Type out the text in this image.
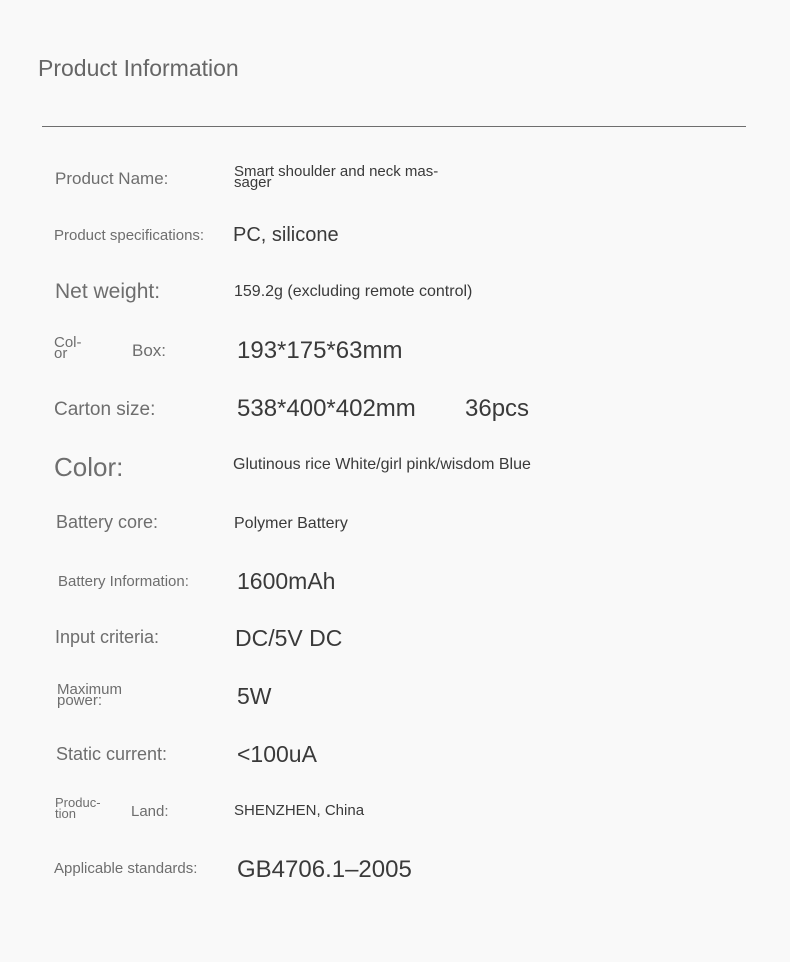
Product Information
Product Name:	Smart shoulder and neck mas- sager
Product specifications: PC, silicone
Net weight:	159.2g (excluding remote control)
Col- or	Box:	193*175*63mm
Carton size:	538*400*402mm 36pcs
Color:	Glutinous rice White/girl pink/wisdom Blue
Battery core:	Polymer Battery
Battery Information: 1600mAh
Input criteria:	DC/5V DC
Maximum power:	5W
Static current:	<100uA
Produc- tion	Land:	SHENZHEN, China
Applicable standards: GB4706.1–2005
